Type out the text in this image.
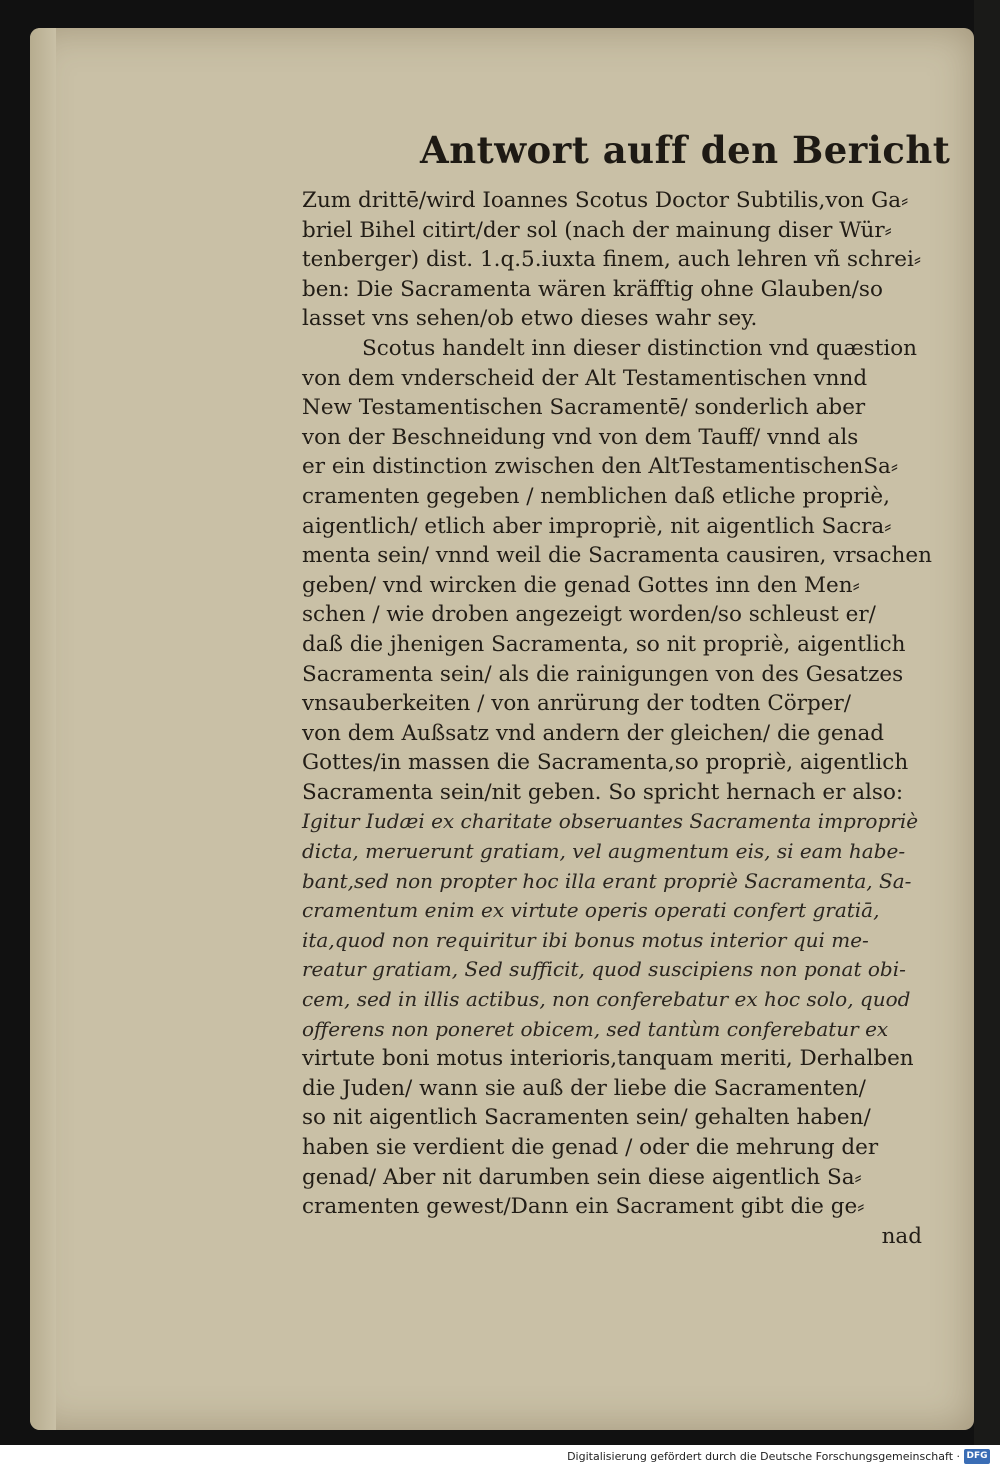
Antwort auff den Bericht
Zum drittē/wird Ioannes Scotus Doctor Subtilis,von Ga⸗
briel Bihel citirt/der sol (nach der mainung diser Wür⸗
tenberger) dist. 1.q.5.iuxta finem, auch lehren vñ schrei⸗
ben: Die Sacramenta wären kräfftig ohne Glauben/so
lasset vns sehen/ob etwo dieses wahr sey.
Scotus handelt inn dieser distinction vnd quæstion
von dem vnderscheid der Alt Testamentischen vnnd
New Testamentischen Sacramentē/ sonderlich aber
von der Beschneidung vnd von dem Tauff/ vnnd als
er ein distinction zwischen den AltTestamentischenSa⸗
cramenten gegeben / nemblichen daß etliche propriè,
aigentlich/ etlich aber impropriè, nit aigentlich Sacra⸗
menta sein/ vnnd weil die Sacramenta causiren, vrsachen
geben/ vnd wircken die genad Gottes inn den Men⸗
schen / wie droben angezeigt worden/so schleust er/
daß die jhenigen Sacramenta, so nit propriè, aigentlich
Sacramenta sein/ als die rainigungen von des Gesatzes
vnsauberkeiten / von anrürung der todten Cörper/
von dem Außsatz vnd andern der gleichen/ die genad
Gottes/in massen die Sacramenta,so propriè, aigentlich
Sacramenta sein/nit geben. So spricht hernach er also:
Igitur Iudæi ex charitate obseruantes Sacramenta impropriè
dicta, meruerunt gratiam, vel augmentum eis, si eam habe-
bant,sed non propter hoc illa erant propriè Sacramenta, Sa-
cramentum enim ex virtute operis operati confert gratiā,
ita,quod non requiritur ibi bonus motus interior qui me-
reatur gratiam, Sed sufficit, quod suscipiens non ponat obi-
cem, sed in illis actibus, non conferebatur ex hoc solo, quod
offerens non poneret obicem, sed tantùm conferebatur ex
virtute boni motus interioris,tanquam meriti, Derhalben
die Juden/ wann sie auß der liebe die Sacramenten/
so nit aigentlich Sacramenten sein/ gehalten haben/
haben sie verdient die genad / oder die mehrung der
genad/ Aber nit darumben sein diese aigentlich Sa⸗
cramenten gewest/Dann ein Sacrament gibt die ge⸗
nad
Digitalisierung gefördert durch die Deutsche Forschungsgemeinschaft · DFG
